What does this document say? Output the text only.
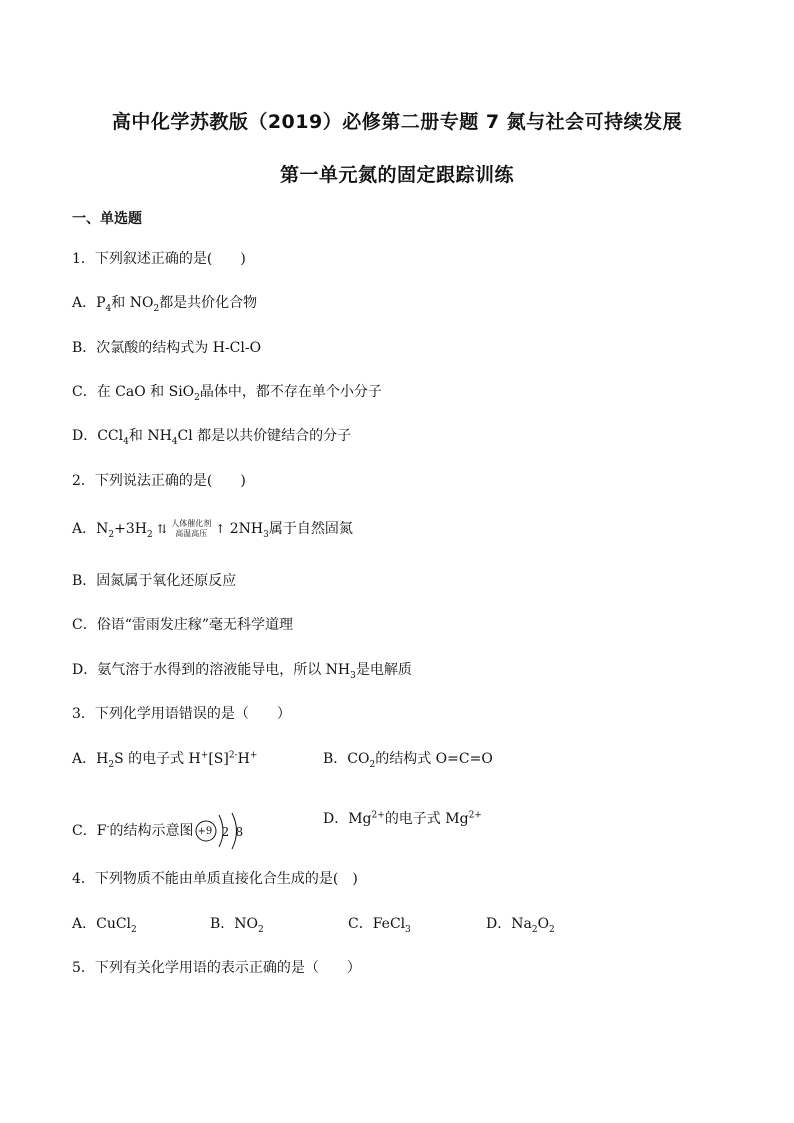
高中化学苏教版（2019）必修第二册专题 7 氮与社会可持续发展
第一单元氮的固定跟踪训练
一、单选题
1．下列叙述正确的是(　　)
A．$P_4$和 $NO_2$都是共价化合物
B．次氯酸的结构式为 H-Cl-O
C．在 CaO 和 SiO$_2$晶体中，都不存在单个小分子
D．CCl$_4$和 $NH_4Cl$ 都是以共价键结合的分子
2．下列说法正确的是(　　)
A．$N_2+3H_2$ ⇅ 人体催化剂
高温高压 ↑ $2NH_3$属于自然固氮
B．固氮属于氧化还原反应
C．俗语“雷雨发庄稼”毫无科学道理
D．氨气溶于水得到的溶液能导电，所以 $NH_3$是电解质
3．下列化学用语错误的是（　　）
A．$H_2S$ 的电子式 $H^+[S]^{2-}H^+$	B．$CO_2$的结构式 O=C=O
C．F-的结构示意图 +9 2 8
D．$Mg^{2+}$的电子式 $Mg^{2+}$
4．下列物质不能由单质直接化合生成的是(　)
A．CuCl$_2$	B．$NO_2$	C．FeCl$_3$	D．$Na_2O_2$
5．下列有关化学用语的表示正确的是（　　）
